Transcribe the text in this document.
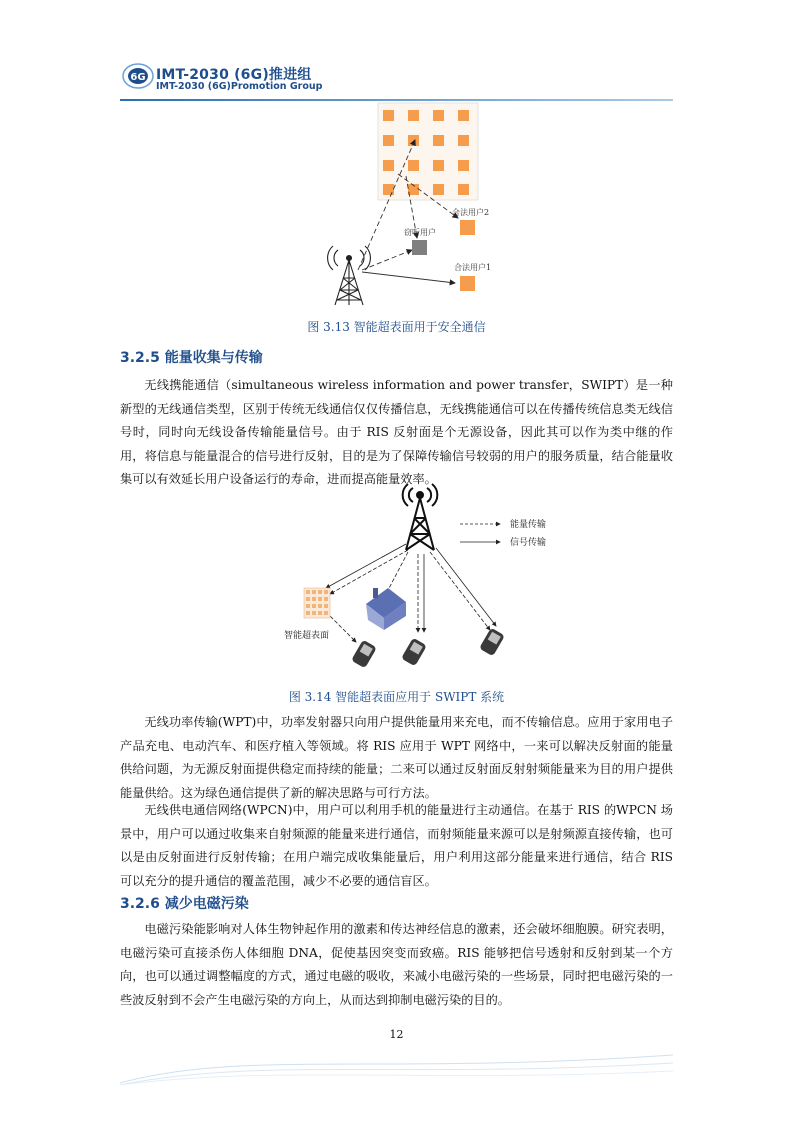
6G IMT-2030 (6G)推进组
IMT-2030 (6G)Promotion Group
窃听用户
合法用户2
合法用户1
图 3.13 智能超表面用于安全通信
3.2.5 能量收集与传输

无线携能通信（simultaneous wireless information and power transfer，SWIPT）是一种新型的无线通信类型，区别于传统无线通信仅仅传播信息，无线携能通信可以在传播传统信息类无线信号时，同时向无线设备传输能量信号。由于 RIS 反射面是个无源设备，因此其可以作为类中继的作用，将信息与能量混合的信号进行反射，目的是为了保障传输信号较弱的用户的服务质量，结合能量收集可以有效延长用户设备运行的寿命，进而提高能量效率。

能量传输
信号传输
智能超表面
图 3.14 智能超表面应用于 SWIPT 系统

无线功率传输(WPT)中，功率发射器只向用户提供能量用来充电，而不传输信息。应用于家用电子产品充电、电动汽车、和医疗植入等领域。将 RIS 应用于 WPT 网络中，一来可以解决反射面的能量供给问题，为无源反射面提供稳定而持续的能量；二来可以通过反射面反射射频能量来为目的用户提供能量供给。这为绿色通信提供了新的解决思路与可行方法。

无线供电通信网络(WPCN)中，用户可以利用手机的能量进行主动通信。在基于 RIS 的WPCN 场景中，用户可以通过收集来自射频源的能量来进行通信，而射频能量来源可以是射频源直接传输，也可以是由反射面进行反射传输；在用户端完成收集能量后，用户利用这部分能量来进行通信，结合 RIS 可以充分的提升通信的覆盖范围，减少不必要的通信盲区。

3.2.6 减少电磁污染

电磁污染能影响对人体生物钟起作用的激素和传达神经信息的激素，还会破坏细胞膜。研究表明，电磁污染可直接杀伤人体细胞 DNA，促使基因突变而致癌。RIS 能够把信号透射和反射到某一个方向，也可以通过调整幅度的方式，通过电磁的吸收，来减小电磁污染的一些场景，同时把电磁污染的一些波反射到不会产生电磁污染的方向上，从而达到抑制电磁污染的目的。

12
